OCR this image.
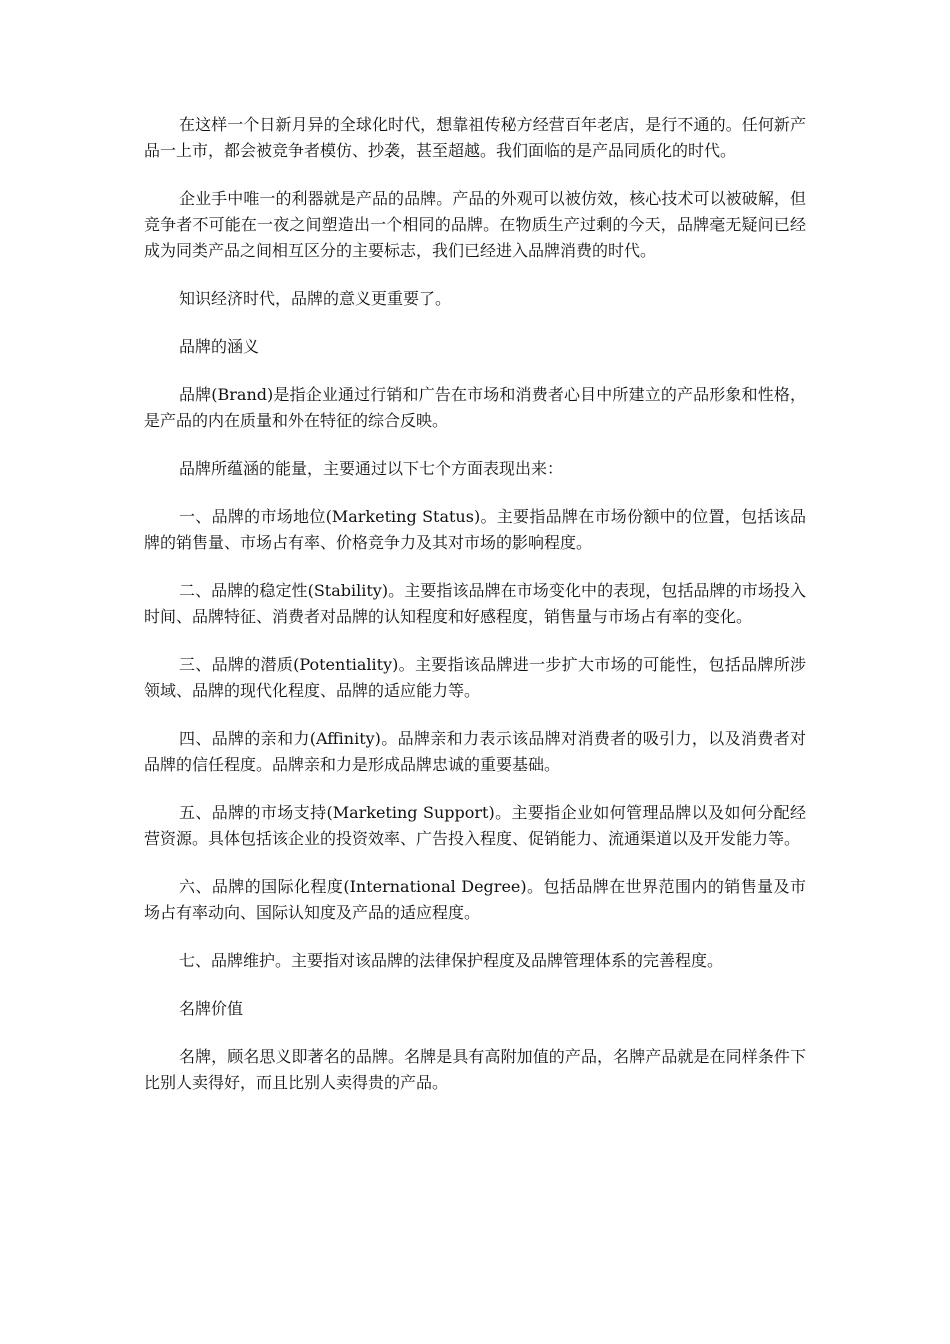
在这样一个日新月异的全球化时代，想靠祖传秘方经营百年老店，是行不通的。任何新产品一上市，都会被竞争者模仿、抄袭，甚至超越。我们面临的是产品同质化的时代。

企业手中唯一的利器就是产品的品牌。产品的外观可以被仿效，核心技术可以被破解，但竞争者不可能在一夜之间塑造出一个相同的品牌。在物质生产过剩的今天，品牌毫无疑问已经成为同类产品之间相互区分的主要标志，我们已经进入品牌消费的时代。

知识经济时代，品牌的意义更重要了。

品牌的涵义

品牌(Brand)是指企业通过行销和广告在市场和消费者心目中所建立的产品形象和性格，是产品的内在质量和外在特征的综合反映。

品牌所蕴涵的能量，主要通过以下七个方面表现出来：

一、品牌的市场地位(Marketing Status)。主要指品牌在市场份额中的位置，包括该品牌的销售量、市场占有率、价格竞争力及其对市场的影响程度。

二、品牌的稳定性(Stability)。主要指该品牌在市场变化中的表现，包括品牌的市场投入时间、品牌特征、消费者对品牌的认知程度和好感程度，销售量与市场占有率的变化。

三、品牌的潜质(Potentiality)。主要指该品牌进一步扩大市场的可能性，包括品牌所涉领域、品牌的现代化程度、品牌的适应能力等。

四、品牌的亲和力(Affinity)。品牌亲和力表示该品牌对消费者的吸引力，以及消费者对品牌的信任程度。品牌亲和力是形成品牌忠诚的重要基础。

五、品牌的市场支持(Marketing Support)。主要指企业如何管理品牌以及如何分配经营资源。具体包括该企业的投资效率、广告投入程度、促销能力、流通渠道以及开发能力等。

六、品牌的国际化程度(International Degree)。包括品牌在世界范围内的销售量及市场占有率动向、国际认知度及产品的适应程度。

七、品牌维护。主要指对该品牌的法律保护程度及品牌管理体系的完善程度。

名牌价值

名牌，顾名思义即著名的品牌。名牌是具有高附加值的产品，名牌产品就是在同样条件下比别人卖得好，而且比别人卖得贵的产品。
